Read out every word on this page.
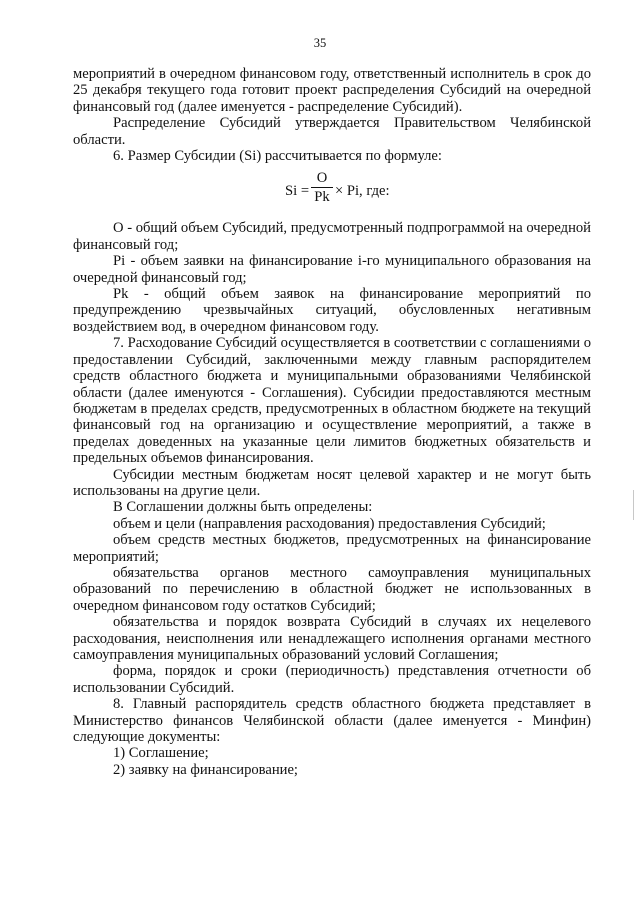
35

мероприятий в очередном финансовом году, ответственный исполнитель в срок до 25 декабря текущего года готовит проект распределения Субсидий на очередной финансовый год (далее именуется - распределение Субсидий).

Распределение Субсидий утверждается Правительством Челябинской области.

6. Размер Субсидии (Si) рассчитывается по формуле:

$Si = \frac{O}{Pk} \times Pi$, где:

O - общий объем Субсидий, предусмотренный подпрограммой на очередной финансовый год;

Pi - объем заявки на финансирование i-го муниципального образования на очередной финансовый год;

Pk - общий объем заявок на финансирование мероприятий по предупреждению чрезвычайных ситуаций, обусловленных негативным воздействием вод, в очередном финансовом году.

7. Расходование Субсидий осуществляется в соответствии с соглашениями о предоставлении Субсидий, заключенными между главным распорядителем средств областного бюджета и муниципальными образованиями Челябинской области (далее именуются - Соглашения). Субсидии предоставляются местным бюджетам в пределах средств, предусмотренных в областном бюджете на текущий финансовый год на организацию и осуществление мероприятий, а также в пределах доведенных на указанные цели лимитов бюджетных обязательств и предельных объемов финансирования.

Субсидии местным бюджетам носят целевой характер и не могут быть использованы на другие цели.

В Соглашении должны быть определены:

объем и цели (направления расходования) предоставления Субсидий;

объем средств местных бюджетов, предусмотренных на финансирование мероприятий;

обязательства органов местного самоуправления муниципальных образований по перечислению в областной бюджет не использованных в очередном финансовом году остатков Субсидий;

обязательства и порядок возврата Субсидий в случаях их нецелевого расходования, неисполнения или ненадлежащего исполнения органами местного самоуправления муниципальных образований условий Соглашения;

форма, порядок и сроки (периодичность) представления отчетности об использовании Субсидий.

8. Главный распорядитель средств областного бюджета представляет в Министерство финансов Челябинской области (далее именуется - Минфин) следующие документы:

1) Соглашение;

2) заявку на финансирование;
